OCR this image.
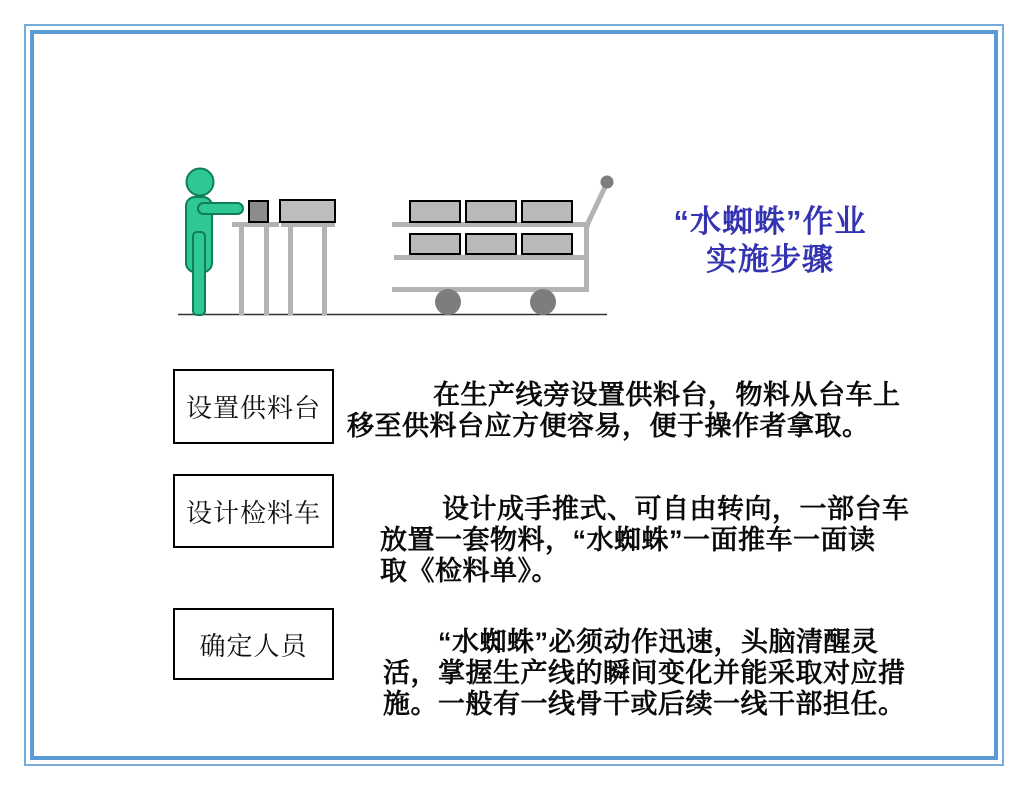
“水蜘蛛”作业
实施步骤
设置供料台	在生产线旁设置供料台，物料从台车上
移至供料台应方便容易，便于操作者拿取。
设计检料车	设计成手推式、可自由转向，一部台车
放置一套物料，“水蜘蛛”一面推车一面读
取《检料单》。
确定人员	“水蜘蛛”必须动作迅速，头脑清醒灵
活，掌握生产线的瞬间变化并能采取对应措
施。一般有一线骨干或后续一线干部担任。
